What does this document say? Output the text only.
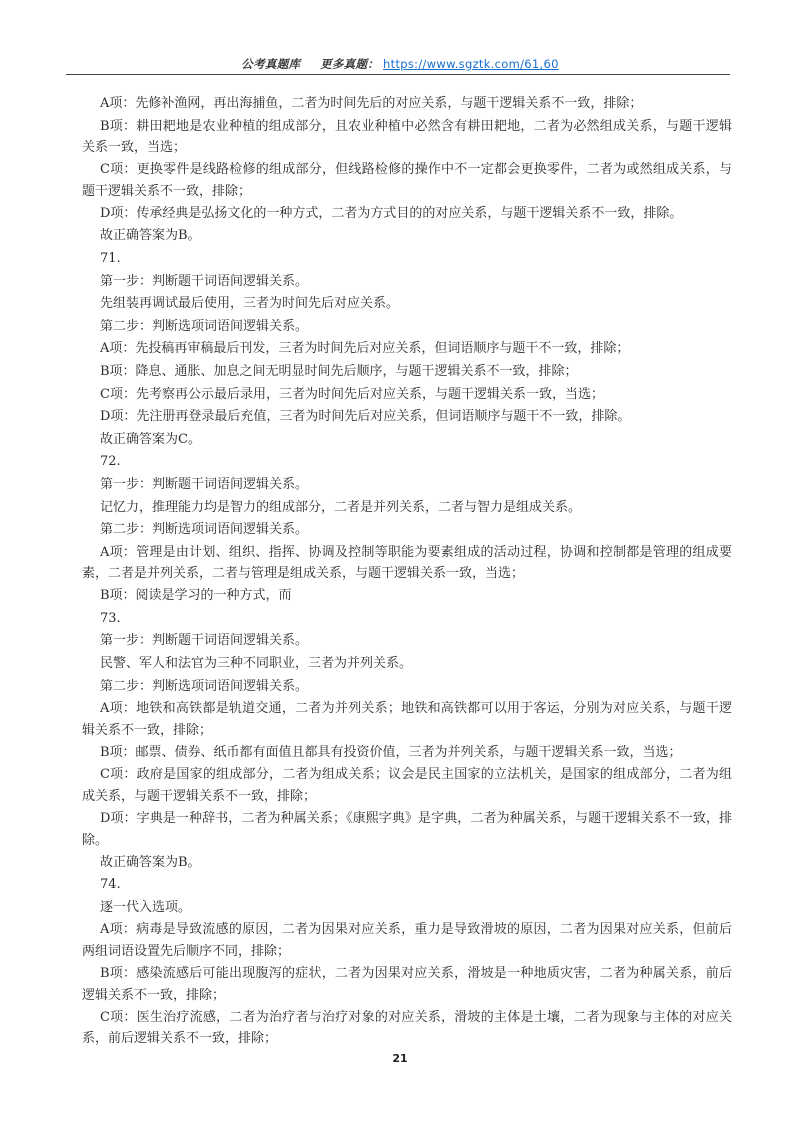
公考真题库 更多真题： https://www.sgztk.com/61,60

A项：先修补渔网，再出海捕鱼，二者为时间先后的对应关系，与题干逻辑关系不一致，排除；

B项：耕田耙地是农业种植的组成部分，且农业种植中必然含有耕田耙地，二者为必然组成关系，与题干逻辑关系一致，当选；

C项：更换零件是线路检修的组成部分，但线路检修的操作中不一定都会更换零件，二者为或然组成关系，与题干逻辑关系不一致，排除；

D项：传承经典是弘扬文化的一种方式，二者为方式目的的对应关系，与题干逻辑关系不一致，排除。

故正确答案为B。

71.

第一步：判断题干词语间逻辑关系。

先组装再调试最后使用，三者为时间先后对应关系。

第二步：判断选项词语间逻辑关系。

A项：先投稿再审稿最后刊发，三者为时间先后对应关系，但词语顺序与题干不一致，排除；

B项：降息、通胀、加息之间无明显时间先后顺序，与题干逻辑关系不一致，排除；

C项：先考察再公示最后录用，三者为时间先后对应关系，与题干逻辑关系一致，当选；

D项：先注册再登录最后充值，三者为时间先后对应关系，但词语顺序与题干不一致，排除。

故正确答案为C。

72.

第一步：判断题干词语间逻辑关系。

记忆力，推理能力均是智力的组成部分，二者是并列关系，二者与智力是组成关系。

第二步：判断选项词语间逻辑关系。

A项：管理是由计划、组织、指挥、协调及控制等职能为要素组成的活动过程，协调和控制都是管理的组成要素，二者是并列关系，二者与管理是组成关系，与题干逻辑关系一致，当选；

B项：阅读是学习的一种方式，而

73.

第一步：判断题干词语间逻辑关系。

民警、军人和法官为三种不同职业，三者为并列关系。

第二步：判断选项词语间逻辑关系。

A项：地铁和高铁都是轨道交通，二者为并列关系；地铁和高铁都可以用于客运，分别为对应关系，与题干逻辑关系不一致，排除；

B项：邮票、债券、纸币都有面值且都具有投资价值，三者为并列关系，与题干逻辑关系一致，当选；

C项：政府是国家的组成部分，二者为组成关系；议会是民主国家的立法机关，是国家的组成部分，二者为组成关系，与题干逻辑关系不一致，排除；

D项：字典是一种辞书，二者为种属关系；《康熙字典》是字典，二者为种属关系，与题干逻辑关系不一致，排除。

故正确答案为B。

74.

逐一代入选项。

A项：病毒是导致流感的原因，二者为因果对应关系，重力是导致滑坡的原因，二者为因果对应关系，但前后两组词语设置先后顺序不同，排除；

B项：感染流感后可能出现腹泻的症状，二者为因果对应关系，滑坡是一种地质灾害，二者为种属关系，前后逻辑关系不一致，排除；

C项：医生治疗流感，二者为治疗者与治疗对象的对应关系，滑坡的主体是土壤，二者为现象与主体的对应关系，前后逻辑关系不一致，排除；

21
